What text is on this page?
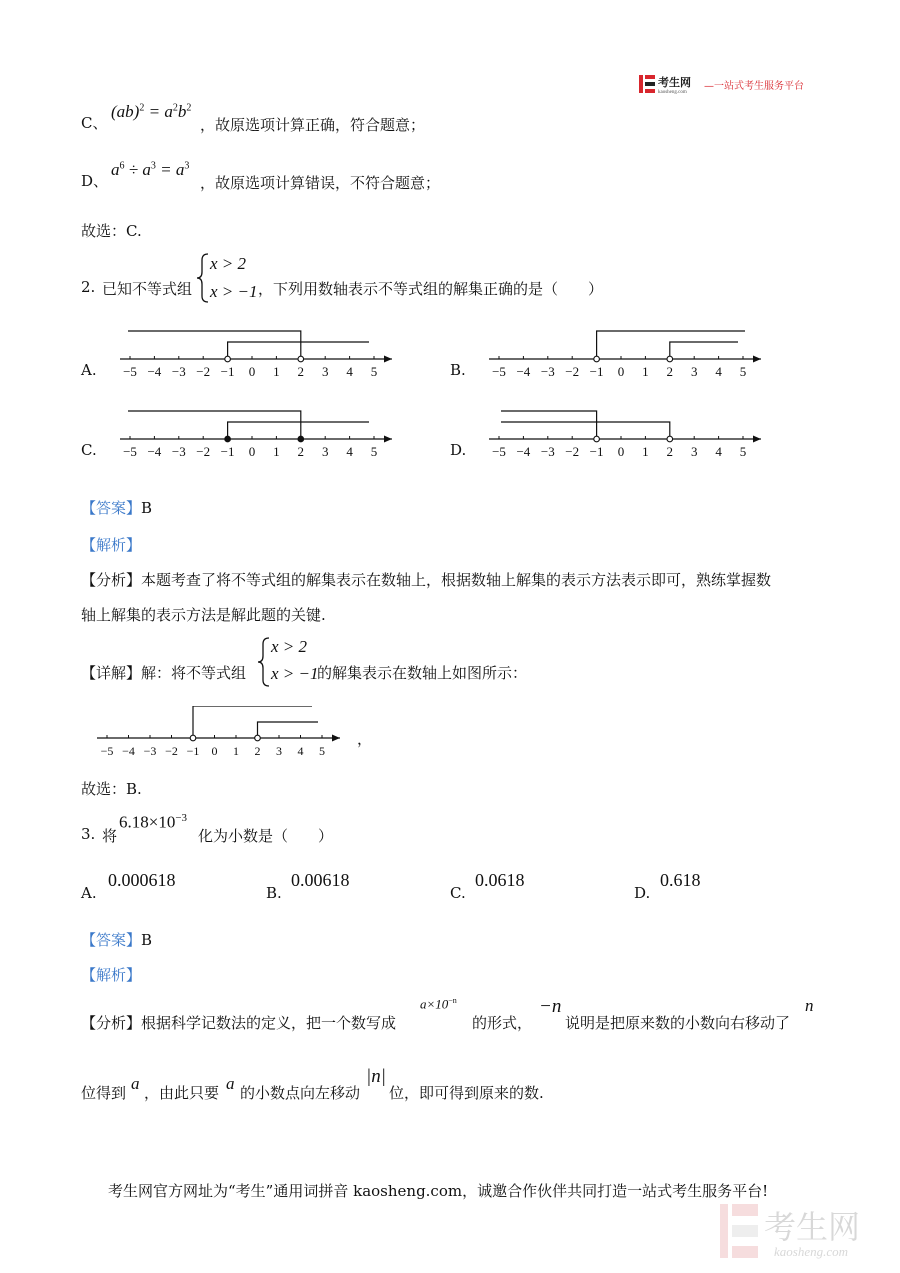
考生网
kaosheng.com
—一站式考生服务平台
C、
$(ab)^2 = a^2b^2$
，故原选项计算正确，符合题意；
D、
$a^6 \div a^3 = a^3$
，故原选项计算错误，不符合题意；
故选：C.
2. 已知不等式组
x > 2
x > −1 ，下列用数轴表示不等式组的解集正确的是（　　）
A.	B.
C.	D.
−5 −4 −3 −2 −1 0 1 2 3 4 5	−5 −4 −3 −2 −1 0 1 2 3 4 5
−5 −4 −3 −2 −1 0 1 2 3 4 5	−5 −4 −3 −2 −1 0 1 2 3 4 5
【答案】B
【解析】
【分析】本题考查了将不等式组的解集表示在数轴上，根据数轴上解集的表示方法表示即可，熟练掌握数
轴上解集的表示方法是解此题的关键.
【详解】解：将不等式组
x > 2
x > −1
的解集表示在数轴上如图所示：
−5 −4 −3 −2 −1 0 1 2 3 4 5
，
故选：B.
3. 将
$6.18\times 10^{-3}$
化为小数是（　　）
A.
0.000618
B.
0.00618
C.
0.0618
D.
0.618
【答案】B
【解析】
【分析】根据科学记数法的定义，把一个数写成
$a\times 10^{-n}$
的形式，
−n
说明是把原来数的小数向右移动了
n
位得到 a ，由此只要 a 的小数点向左移动
|n|
位，即可得到原来的数.
考生网官方网址为“考生”通用词拼音 kaosheng.com，诚邀合作伙伴共同打造一站式考生服务平台!
考生网
kaosheng.com
